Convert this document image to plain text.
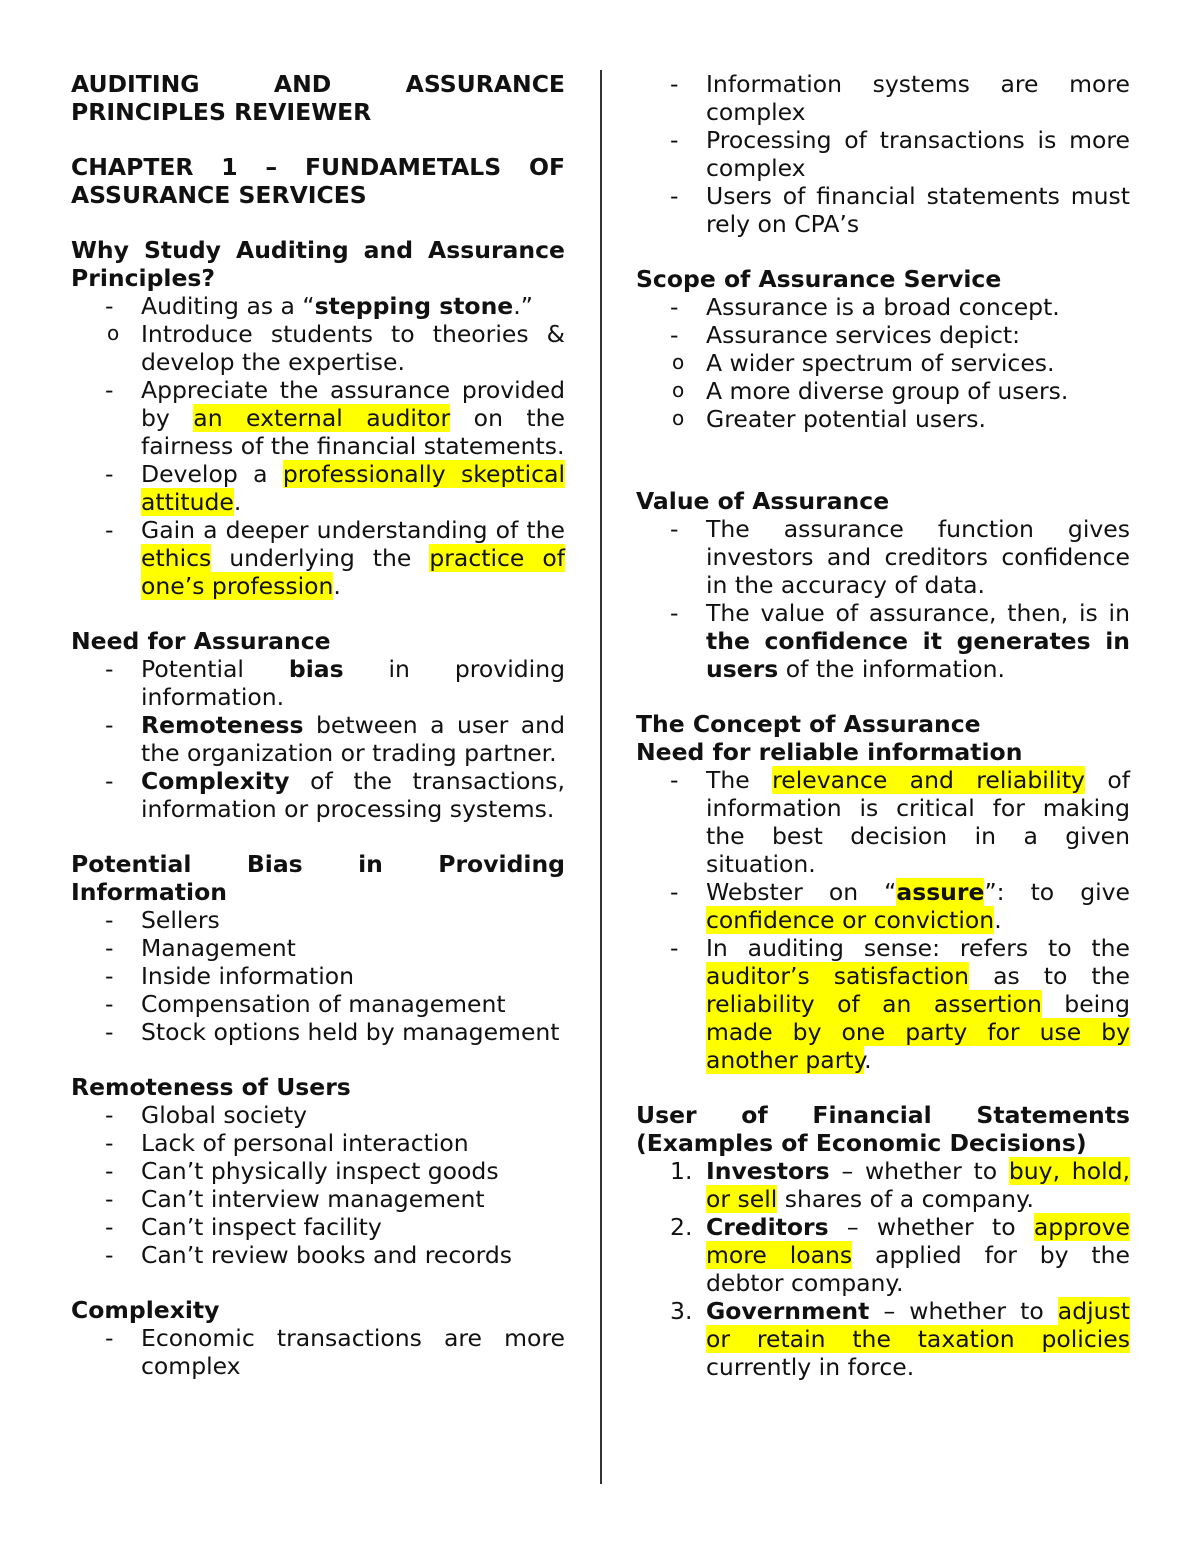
AUDITING AND ASSURANCE

PRINCIPLES REVIEWER

CHAPTER 1 – FUNDAMETALS OF

ASSURANCE SERVICES

Why Study Auditing and Assurance Principles?

- Auditing as a “stepping stone.”
o Introduce students to theories & develop the expertise.
- Appreciate the assurance provided by an external auditor on the fairness of the financial statements.
- Develop a professionally skeptical attitude.
- Gain a deeper understanding of the ethics underlying the practice of one’s profession.

Need for Assurance

- Potential bias in providing information.
- Remoteness between a user and the organization or trading partner.
- Complexity of the transactions, information or processing systems.

Potential Bias in Providing

Information

- Sellers
- Management
- Inside information
- Compensation of management
- Stock options held by management

Remoteness of Users

- Global society
- Lack of personal interaction
- Can’t physically inspect goods
- Can’t interview management
- Can’t inspect facility
- Can’t review books and records

Complexity

- Economic transactions are more complex
- Information systems are more complex
- Processing of transactions is more complex
- Users of financial statements must rely on CPA’s

Scope of Assurance Service

- Assurance is a broad concept.
- Assurance services depict:
o A wider spectrum of services.
o A more diverse group of users.
o Greater potential users.

Value of Assurance

- The assurance function gives investors and creditors confidence in the accuracy of data.
- The value of assurance, then, is in the confidence it generates in users of the information.

The Concept of Assurance

Need for reliable information

- The relevance and reliability of information is critical for making the best decision in a given situation.
- Webster on “assure”: to give confidence or conviction.
- In auditing sense: refers to the auditor’s satisfaction as to the reliability of an assertion being made by one party for use by another party.

User of Financial Statements

(Examples of Economic Decisions)

1. Investors – whether to buy, hold, or sell shares of a company.
2. Creditors – whether to approve more loans applied for by the debtor company.
3. Government – whether to adjust or retain the taxation policies currently in force.
